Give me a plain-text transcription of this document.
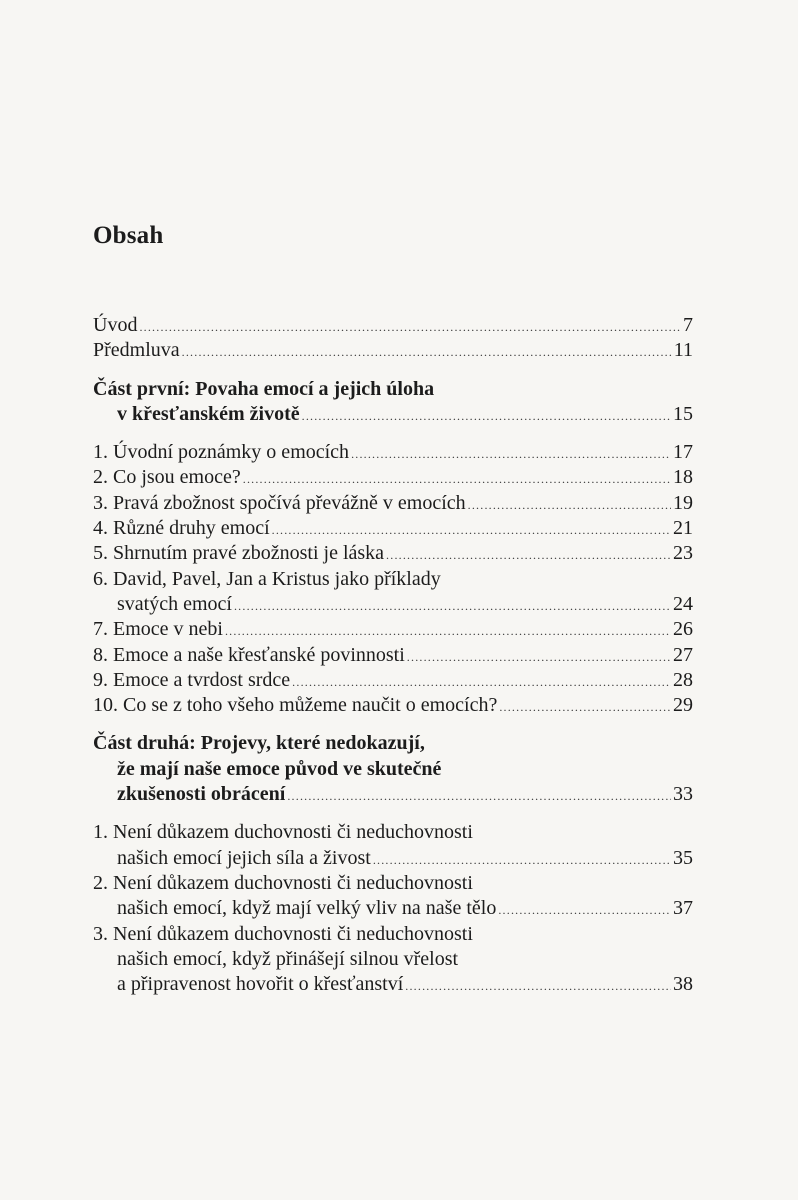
Obsah
Úvod .....	7
Předmluva .....	11
Část první: Povaha emocí a jejich úloha
v křesťanském životě .....	15
1. Úvodní poznámky o emocích .....	17
2. Co jsou emoce? .....	18
3. Pravá zbožnost spočívá převážně v emocích .....	19
4. Různé druhy emocí .....	21
5. Shrnutím pravé zbožnosti je láska .....	23
6. David, Pavel, Jan a Kristus jako příklady
svatých emocí .....	24
7. Emoce v nebi .....	26
8. Emoce a naše křesťanské povinnosti .....	27
9. Emoce a tvrdost srdce .....	28
10. Co se z toho všeho můžeme naučit o emocích? .....	29
Část druhá: Projevy, které nedokazují,
že mají naše emoce původ ve skutečné
zkušenosti obrácení .....	33
1. Není důkazem duchovnosti či neduchovnosti
našich emocí jejich síla a živost .....	35
2. Není důkazem duchovnosti či neduchovnosti
našich emocí, když mají velký vliv na naše tělo .....	37
3. Není důkazem duchovnosti či neduchovnosti
našich emocí, když přinášejí silnou vřelost
a připravenost hovořit o křesťanství .....	38
